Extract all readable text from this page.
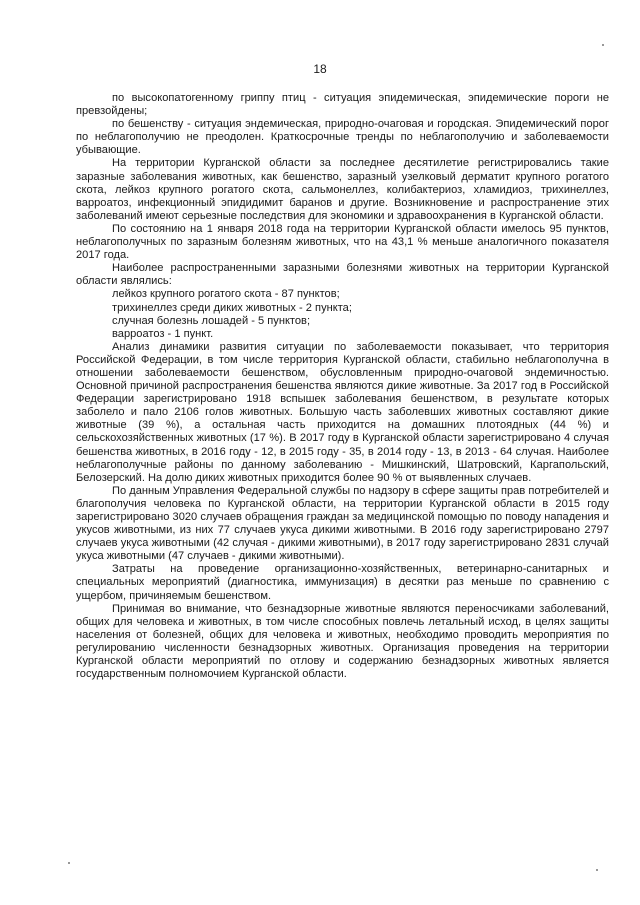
18

по высокопатогенному гриппу птиц - ситуация эпидемическая, эпидемические пороги не превзойдены;

по бешенству - ситуация эндемическая, природно-очаговая и городская. Эпидемический порог по неблагополучию не преодолен. Краткосрочные тренды по неблагополучию и заболеваемости убывающие.

На территории Курганской области за последнее десятилетие регистрировались такие заразные заболевания животных, как бешенство, заразный узелковый дерматит крупного рогатого скота, лейкоз крупного рогатого скота, сальмонеллез, колибактериоз, хламидиоз, трихинеллез, варроатоз, инфекционный эпидидимит баранов и другие. Возникновение и распространение этих заболеваний имеют серьезные последствия для экономики и здравоохранения в Курганской области.

По состоянию на 1 января 2018 года на территории Курганской области имелось 95 пунктов, неблагополучных по заразным болезням животных, что на 43,1 % меньше аналогичного показателя 2017 года.

Наиболее распространенными заразными болезнями животных на территории Курганской области являлись:

лейкоз крупного рогатого скота - 87 пунктов;

трихинеллез среди диких животных - 2 пункта;

случная болезнь лошадей - 5 пунктов;

варроатоз - 1 пункт.

Анализ динамики развития ситуации по заболеваемости показывает, что территория Российской Федерации, в том числе территория Курганской области, стабильно неблагополучна в отношении заболеваемости бешенством, обусловленным природно-очаговой эндемичностью. Основной причиной распространения бешенства являются дикие животные. За 2017 год в Российской Федерации зарегистрировано 1918 вспышек заболевания бешенством, в результате которых заболело и пало 2106 голов животных. Большую часть заболевших животных составляют дикие животные (39 %), а остальная часть приходится на домашних плотоядных (44 %) и сельскохозяйственных животных (17 %). В 2017 году в Курганской области зарегистрировано 4 случая бешенства животных, в 2016 году - 12, в 2015 году - 35, в 2014 году - 13, в 2013 - 64 случая. Наиболее неблагополучные районы по данному заболеванию - Мишкинский, Шатровский, Каргапольский, Белозерский. На долю диких животных приходится более 90 % от выявленных случаев.

По данным Управления Федеральной службы по надзору в сфере защиты прав потребителей и благополучия человека по Курганской области, на территории Курганской области в 2015 году зарегистрировано 3020 случаев обращения граждан за медицинской помощью по поводу нападения и укусов животными, из них 77 случаев укуса дикими животными. В 2016 году зарегистрировано 2797 случаев укуса животными (42 случая - дикими животными), в 2017 году зарегистрировано 2831 случай укуса животными (47 случаев - дикими животными).

Затраты на проведение организационно-хозяйственных, ветеринарно-санитарных и специальных мероприятий (диагностика, иммунизация) в десятки раз меньше по сравнению с ущербом, причиняемым бешенством.

Принимая во внимание, что безнадзорные животные являются переносчиками заболеваний, общих для человека и животных, в том числе способных повлечь летальный исход, в целях защиты населения от болезней, общих для человека и животных, необходимо проводить мероприятия по регулированию численности безнадзорных животных. Организация проведения на территории Курганской области мероприятий по отлову и содержанию безнадзорных животных является государственным полномочием Курганской области.
